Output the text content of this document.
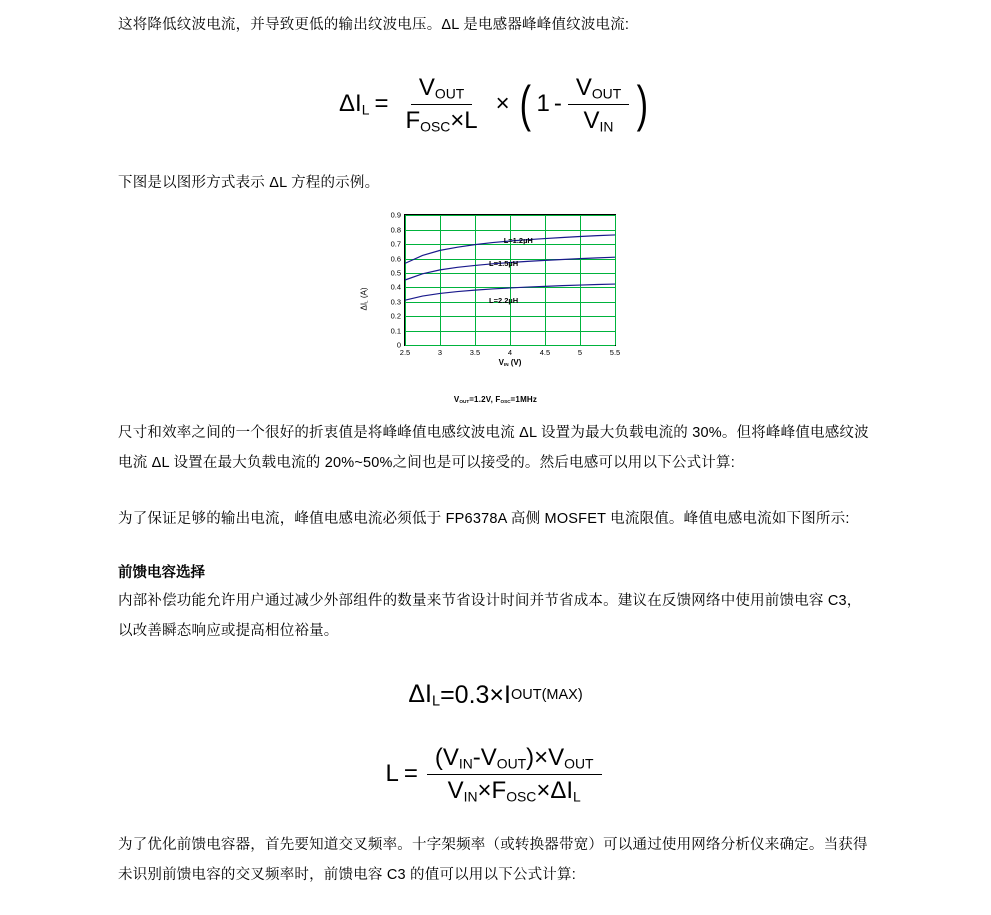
这将降低纹波电流，并导致更低的输出纹波电压。ΔL 是电感器峰峰值纹波电流:

$\Delta I_L = \frac{V_{OUT}}{F_{OSC}\times L}$ × ( $1 - \frac{V_{OUT}}{V_{IN}}$ )

下图是以图形方式表示 ΔL 方程的示例。

$\Delta I_L$ (A)
0
0.1
0.2
0.3
0.4
0.5
0.6
0.7
0.8
0.9
2.5	3	3.5	4	4.5	5	5.5
L=1.2µH
L=1.5µH
L=2.2µH
$V_{IN}$ (V)
$V_{OUT}=1.2V$, $F_{OSC}=1MHz$

尺寸和效率之间的一个很好的折衷值是将峰峰值电感纹波电流 ΔL 设置为最大负载电流的 30%。但将峰峰值电感纹波电流 ΔL 设置在最大负载电流的 20%~50%之间也是可以接受的。然后电感可以用以下公式计算:

为了保证足够的输出电流，峰值电感电流必须低于 FP6378A 高侧 MOSFET 电流限值。峰值电感电流如下图所示:

前馈电容选择

内部补偿功能允许用户通过减少外部组件的数量来节省设计时间并节省成本。建议在反馈网络中使用前馈电容 C3，以改善瞬态响应或提高相位裕量。

$\Delta I_L =0.3\times I$ OUT(MAX)
$L = \frac{(V_{IN}-V_{OUT})\times V_{OUT}}{V_{IN}\times F_{OSC}\times\Delta I_L}$

为了优化前馈电容器，首先要知道交叉频率。十字架频率（或转换器带宽）可以通过使用网络分析仪来确定。当获得未识别前馈电容的交叉频率时，前馈电容 C3 的值可以用以下公式计算:
